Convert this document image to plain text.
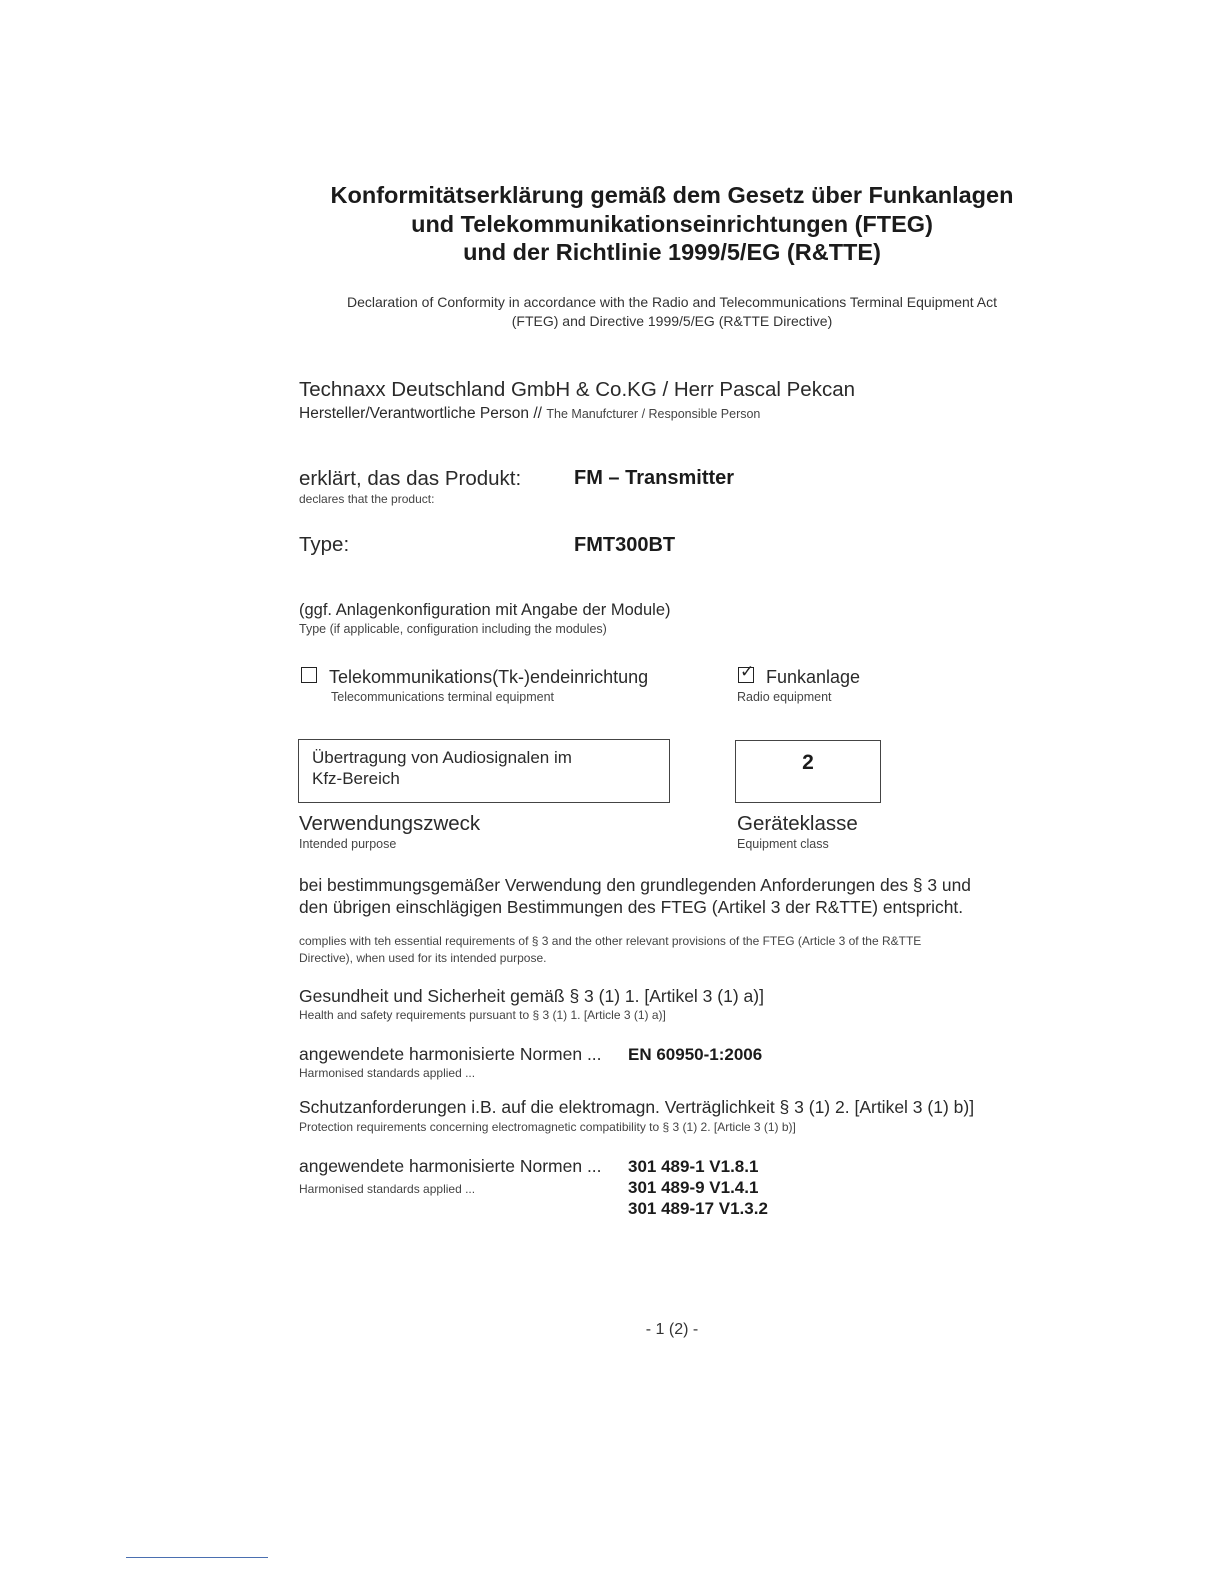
Konformitätserklärung gemäß dem Gesetz über Funkanlagen
und Telekommunikationseinrichtungen (FTEG)
und der Richtlinie 1999/5/EG (R&TTE)
Declaration of Conformity in accordance with the Radio and Telecommunications Terminal Equipment Act
(FTEG) and Directive 1999/5/EG (R&TTE Directive)
Technaxx Deutschland GmbH & Co.KG / Herr Pascal Pekcan
Hersteller/Verantwortliche Person // The Manufcturer / Responsible Person
erklärt, das das Produkt:
declares that the product:
FM – Transmitter
Type:	FMT300BT
(ggf. Anlagenkonfiguration mit Angabe der Module)
Type (if applicable, configuration including the modules)
Telekommunikations(Tk-)endeinrichtung
Telecommunications terminal equipment
✓ Funkanlage
Radio equipment
Übertragung von Audiosignalen im
Kfz-Bereich
Verwendungszweck
Intended purpose
2
Geräteklasse
Equipment class
bei bestimmungsgemäßer Verwendung den grundlegenden Anforderungen des § 3 und
den übrigen einschlägigen Bestimmungen des FTEG (Artikel 3 der R&TTE) entspricht.
complies with teh essential requirements of § 3 and the other relevant provisions of the FTEG (Article 3 of the R&TTE
Directive), when used for its intended purpose.
Gesundheit und Sicherheit gemäß § 3 (1) 1. [Artikel 3 (1) a)]
Health and safety requirements pursuant to § 3 (1) 1. [Article 3 (1) a)]
angewendete harmonisierte Normen ...
Harmonised standards applied ...
EN 60950-1:2006
Schutzanforderungen i.B. auf die elektromagn. Verträglichkeit § 3 (1) 2. [Artikel 3 (1) b)]
Protection requirements concerning electromagnetic compatibility to § 3 (1) 2. [Article 3 (1) b)]
angewendete harmonisierte Normen ...
Harmonised standards applied ...
301 489-1 V1.8.1
301 489-9 V1.4.1
301 489-17 V1.3.2
- 1 (2) -
